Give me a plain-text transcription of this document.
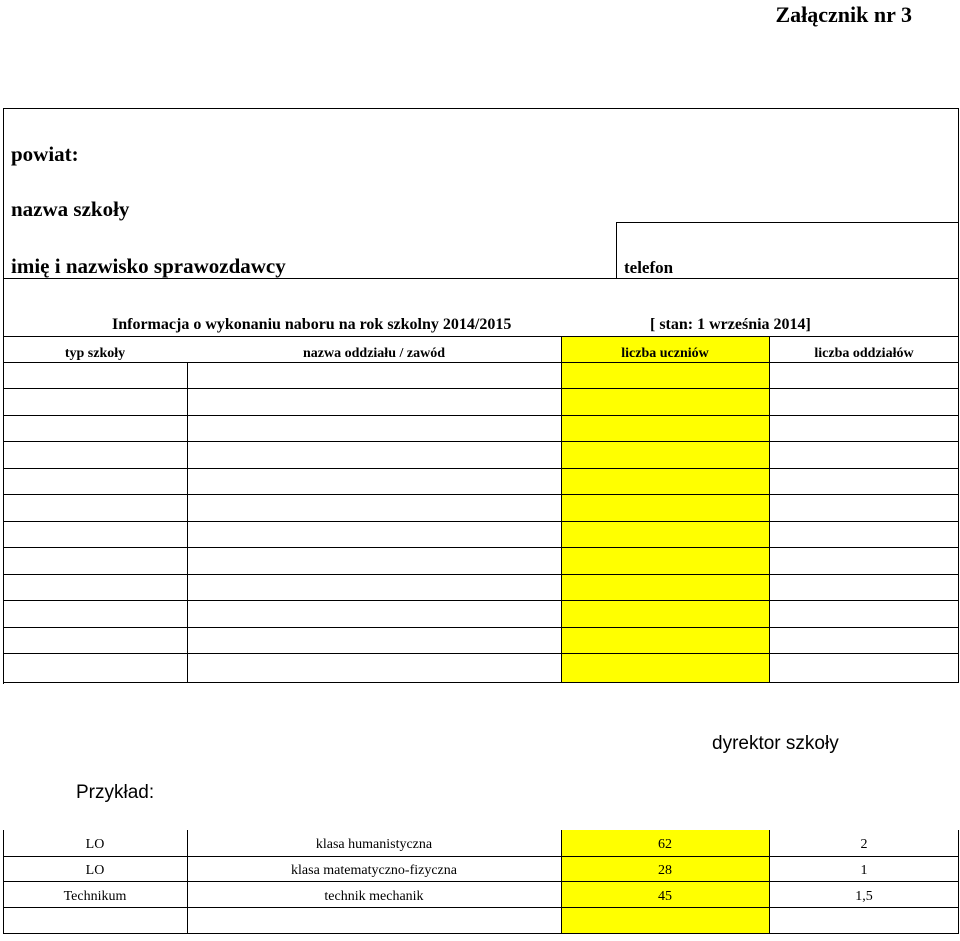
Załącznik nr 3
powiat:
nazwa szkoły
imię i nazwisko sprawozdawcy	telefon
Informacja o wykonaniu naboru na rok szkolny 2014/2015	[ stan: 1 września 2014]
typ szkoły	nazwa oddziału / zawód	liczba uczniów	liczba oddziałów
dyrektor szkoły
Przykład:
LO	klasa humanistyczna	62	2
LO	klasa matematyczno-fizyczna	28	1
Technikum	technik mechanik	45	1,5
